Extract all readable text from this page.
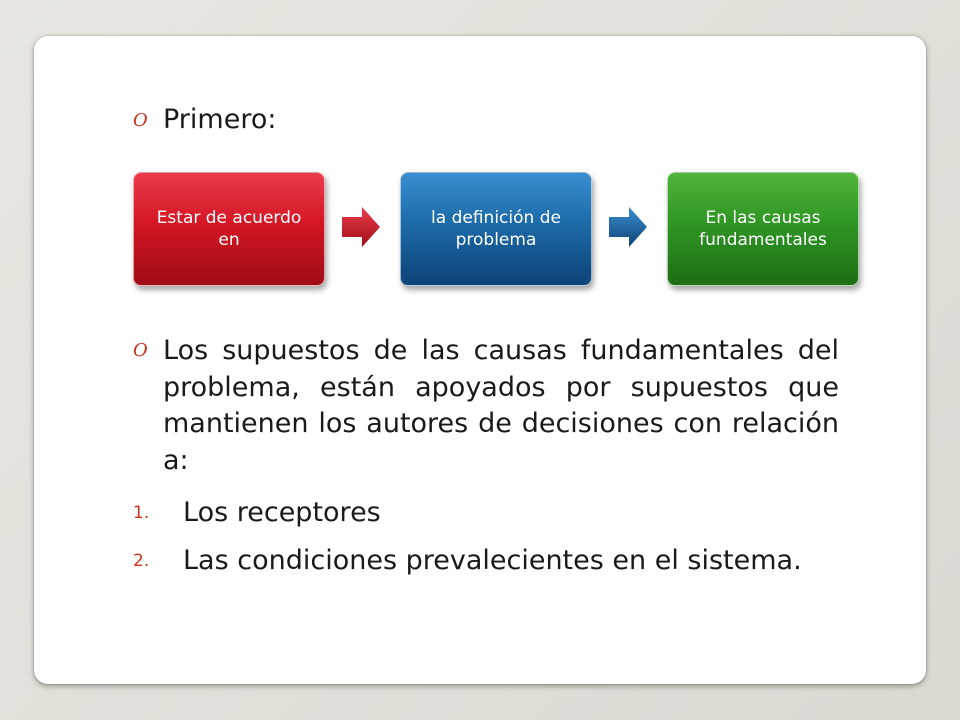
O Primero:
Estar de acuerdo en
la definición de problema
En las causas fundamentales
O Los supuestos de las causas fundamentales del problema, están apoyados por supuestos que mantienen los autores de decisiones con relación a:
1. Los receptores
2. Las condiciones prevalecientes en el sistema.
